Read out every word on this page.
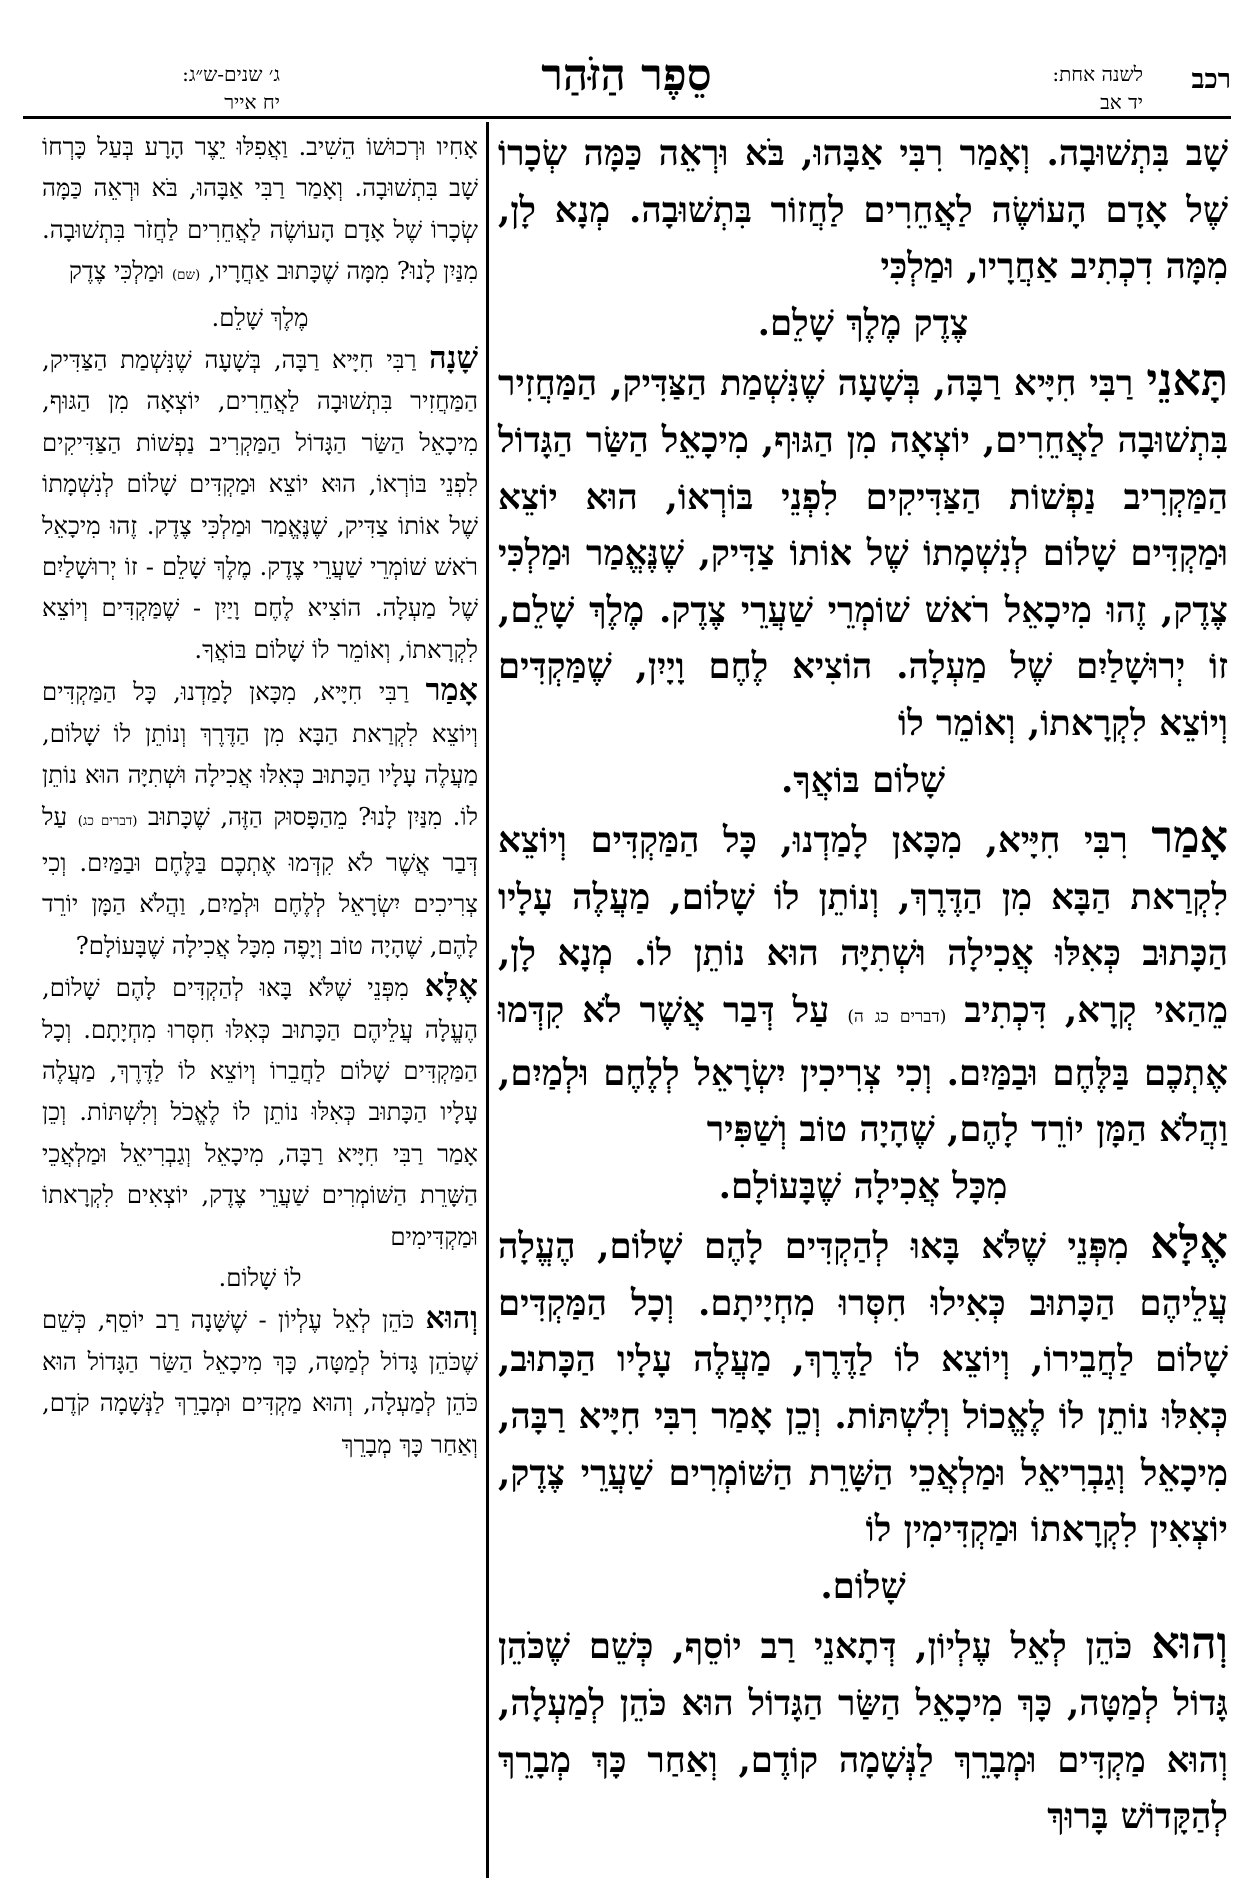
רכב
לשנה אחת:
יד אב
סֵפֶר הַזֹּהַר
ג׳ שנים-ש״ג:
יח אייר

שָׁב בִּתְשׁוּבָה. וְאָמַר רִבִּי אַבָּהוּ, בֹּא וּרְאֵה כַּמָּה שְׂכָרוֹ שֶׁל אָדָם הָעוֹשֶׂה לַאֲחֵרִים לַחֲזוֹר בִּתְשׁוּבָה. מְנָא לָן, מִמָּה דִכְתִיב אַחֲרָיו, וּמַלְכִּי

צֶדֶק מֶלֶךְ שָׁלֵם.

תָּאנֵי רַבִּי חִיָּיא רַבָּה, בְּשָׁעָה שֶׁנִּשְׁמַת הַצַּדִּיק, הַמַּחֲזִיר בִּתְשׁוּבָה לַאֲחֵרִים, יוֹצְאָה מִן הַגּוּף, מִיכָאֵל הַשַּׂר הַגָּדוֹל הַמַּקְרִיב נַפְשׁוֹת הַצַּדִּיקִים לִפְנֵי בּוֹרְאוֹ, הוּא יוֹצֵא וּמַקְדִּים שָׁלוֹם לְנִשְׁמָתוֹ שֶׁל אוֹתוֹ צַדִּיק, שֶׁנֶּאֱמַר וּמַלְכִּי צֶדֶק, זֶהוּ מִיכָאֵל רֹאשׁ שׁוֹמְרֵי שַׁעֲרֵי צֶדֶק. מֶלֶךְ שָׁלֵם, זוֹ יְרוּשָׁלַיִם שֶׁל מַעְלָה. הוֹצִיא לֶחֶם וָיָיִן, שֶׁמַּקְדִּים וְיוֹצֵא לִקְרָאתוֹ, וְאוֹמֵר לוֹ

שָׁלוֹם בּוֹאֲךָ.

אָמַר רִבִּי חִיָּיא, מִכָּאן לָמַדְנוּ, כָּל הַמַּקְדִּים וְיוֹצֵא לִקְרַאת הַבָּא מִן הַדֶּרֶךְ, וְנוֹתֵן לוֹ שָׁלוֹם, מַעֲלֶה עָלָיו הַכָּתוּב כְּאִלּוּ אֲכִילָה וּשְׁתִיָּה הוּא נוֹתֵן לוֹ. מְנָא לָן, מֵהַאי קְרָא, דִּכְתִיב (דברים כג ה) עַל דְּבַר אֲשֶׁר לֹא קִדְּמוּ אֶתְכֶם בַּלֶּחֶם וּבַמַּיִם. וְכִי צְרִיכִין יִשְׂרָאֵל לְלֶחֶם וּלְמַיִם, וַהֲלֹא הַמָּן יוֹרֵד לָהֶם, שֶׁהָיָה טוֹב וְשַׁפִּיר

מִכָּל אֲכִילָה שֶׁבָּעוֹלָם.

אֶלָּא מִפְּנֵי שֶׁלֹּא בָּאוּ לְהַקְדִּים לָהֶם שָׁלוֹם, הֶעֱלָה עֲלֵיהֶם הַכָּתוּב כְּאִילוּ חִסְּרוּ מִחְיָיתָם. וְכָל הַמַּקְדִּים שָׁלוֹם לַחֲבֵירוֹ, וְיוֹצֵא לוֹ לַדֶּרֶךְ, מַעֲלֶה עָלָיו הַכָּתוּב, כְּאִלּוּ נוֹתֵן לוֹ לֶאֱכוֹל וְלִשְׁתּוֹת. וְכֵן אָמַר רִבִּי חִיָּיא רַבָּה, מִיכָאֵל וְגַבְרִיאֵל וּמַלְאֲכֵי הַשָּׁרֵת הַשּׁוֹמְרִים שַׁעֲרֵי צֶדֶק, יוֹצְאִין לִקְרָאתוֹ וּמַקְדִּימִין לוֹ

שָׁלוֹם.

וְהוּא כֹּהֵן לְאֵל עֶלְיוֹן, דְּתָאנֵי רַב יוֹסֵף, כְּשֵׁם שֶׁכֹּהֵן גָּדוֹל לְמַטָּה, כָּךְ מִיכָאֵל הַשַּׂר הַגָּדוֹל הוּא כֹּהֵן לְמַעְלָה, וְהוּא מַקְדִּים וּמְבָרֵךְ לַנְּשָׁמָה קוֹדֶם, וְאַחַר כָּךְ מְבָרֵךְ לְהַקָּדוֹשׁ בָּרוּךְ

אָחִיו וּרְכוּשׁוֹ הֵשִׁיב. וַאֲפִלּוּ יֵצֶר הָרָע בְּעַל כָּרְחוֹ שָׁב בִּתְשׁוּבָה. וְאָמַר רַבִּי אַבָּהוּ, בֹּא וּרְאֵה כַּמָּה שְׂכָרוֹ שֶׁל אָדָם הָעוֹשֶׂה לַאֲחֵרִים לַחֲזֹר בִּתְשׁוּבָה. מִנַּיִן לָנוּ? מִמָּה שֶׁכָּתוּב אַחֲרָיו, (שם) וּמַלְכִּי צֶדֶק

מֶלֶךְ שָׁלֵם.

שָׁנָה רַבִּי חִיָּיא רַבָּה, בְּשָׁעָה שֶׁנִּשְׁמַת הַצַּדִּיק, הַמַּחֲזִיר בִּתְשׁוּבָה לַאֲחֵרִים, יוֹצְאָה מִן הַגּוּף, מִיכָאֵל הַשַּׂר הַגָּדוֹל הַמַּקְרִיב נַפְשׁוֹת הַצַּדִּיקִים לִפְנֵי בּוֹרְאוֹ, הוּא יוֹצֵא וּמַקְדִּים שָׁלוֹם לְנִשְׁמָתוֹ שֶׁל אוֹתוֹ צַדִּיק, שֶׁנֶּאֱמַר וּמַלְכִּי צֶדֶק. זֶהוּ מִיכָאֵל רֹאשׁ שׁוֹמְרֵי שַׁעֲרֵי צֶדֶק. מֶלֶךְ שָׁלֵם - זוֹ יְרוּשָׁלַיִם שֶׁל מַעְלָה. הוֹצִיא לֶחֶם וָיַיִן - שֶׁמַּקְדִּים וְיוֹצֵא לִקְרָאתוֹ, וְאוֹמֵר לוֹ שָׁלוֹם בּוֹאֲךָ.

אָמַר רַבִּי חִיָּיא, מִכָּאן לָמַדְנוּ, כָּל הַמַּקְדִּים וְיוֹצֵא לִקְרַאת הַבָּא מִן הַדֶּרֶךְ וְנוֹתֵן לוֹ שָׁלוֹם, מַעֲלֶה עָלָיו הַכָּתוּב כְּאִלּוּ אֲכִילָה וּשְׁתִיָּה הוּא נוֹתֵן לוֹ. מִנַּיִן לָנוּ? מֵהַפָּסוּק הַזֶּה, שֶׁכָּתוּב (דברים כג) עַל דְּבַר אֲשֶׁר לֹא קִדְּמוּ אֶתְכֶם בַּלֶּחֶם וּבַמַּיִם. וְכִי צְרִיכִים יִשְׂרָאֵל לְלֶחֶם וּלְמַיִם, וַהֲלֹא הַמָּן יוֹרֵד לָהֶם, שֶׁהָיָה טוֹב וְיָפֶה מִכָּל אֲכִילָה שֶׁבָּעוֹלָם?

אֶלָּא מִפְּנֵי שֶׁלֹּא בָּאוּ לְהַקְדִּים לָהֶם שָׁלוֹם, הֶעֱלָה עֲלֵיהֶם הַכָּתוּב כְּאִלּוּ חִסְּרוּ מִחְיָתָם. וְכָל הַמַּקְדִּים שָׁלוֹם לַחֲבֵרוֹ וְיוֹצֵא לוֹ לַדֶּרֶךְ, מַעֲלֶה עָלָיו הַכָּתוּב כְּאִלּוּ נוֹתֵן לוֹ לֶאֱכֹל וְלִשְׁתּוֹת. וְכֵן אָמַר רַבִּי חִיָּיא רַבָּה, מִיכָאֵל וְגַבְרִיאֵל וּמַלְאֲכֵי הַשָּׁרֵת הַשּׁוֹמְרִים שַׁעֲרֵי צֶדֶק, יוֹצְאִים לִקְרָאתוֹ וּמַקְדִּימִים

לוֹ שָׁלוֹם.

וְהוּא כֹּהֵן לְאֵל עֶלְיוֹן - שֶׁשָּׁנָה רַב יוֹסֵף, כְּשֵׁם שֶׁכֹּהֵן גָּדוֹל לְמַטָּה, כָּךְ מִיכָאֵל הַשַּׂר הַגָּדוֹל הוּא כֹּהֵן לְמַעְלָה, וְהוּא מַקְדִּים וּמְבָרֵךְ לַנְּשָׁמָה קֹדֶם, וְאַחַר כָּךְ מְבָרֵךְ
